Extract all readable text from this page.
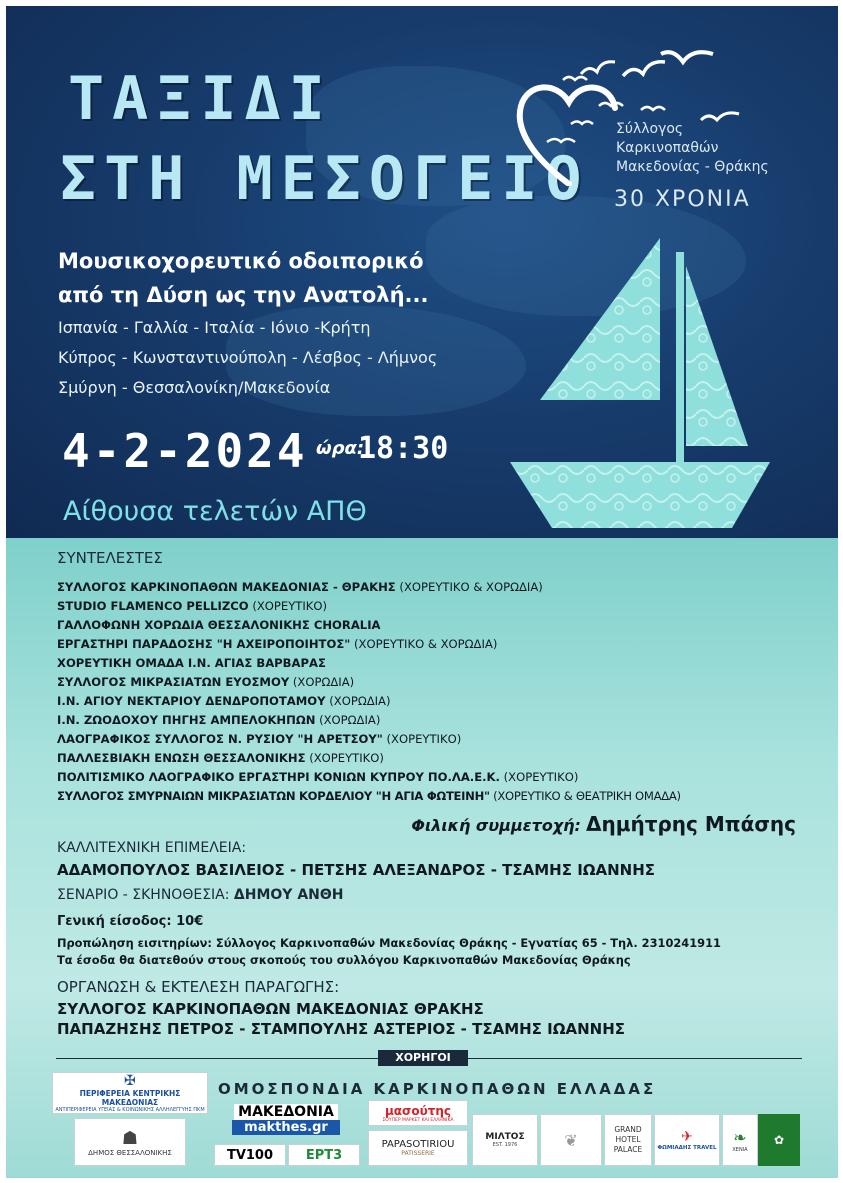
ΤΑΞΙΔΙ
ΣΤΗ ΜΕΣΟΓΕΙΟ
Μουσικοχορευτικό οδοιπορικό
από τη Δύση ως την Ανατολή...
Ισπανία - Γαλλία - Ιταλία - Ιόνιο -Κρήτη
Κύπρος - Κωνσταντινούπολη - Λέσβος - Λήμνος
Σμύρνη - Θεσσαλονίκη/Μακεδονία
4-2-2024 ώρα:
18:30
Αίθουσα τελετών ΑΠΘ
Σύλλογος
Καρκινοπαθών
Μακεδονίας - Θράκης
30 ΧΡΟΝΙΑ
ΣΥΝΤΕΛΕΣΤΕΣ
ΣΥΛΛΟΓΟΣ ΚΑΡΚΙΝΟΠΑΘΩΝ ΜΑΚΕΔΟΝΙΑΣ - ΘΡΑΚΗΣ (ΧΟΡΕΥΤΙΚΟ & ΧΟΡΩΔΙΑ)
STUDIO FLAMENCO PELLIZCO (ΧΟΡΕΥΤΙΚΟ)
ΓΑΛΛΟΦΩΝΗ ΧΟΡΩΔΙΑ ΘΕΣΣΑΛΟΝΙΚΗΣ CHORALIA
ΕΡΓΑΣΤΗΡΙ ΠΑΡΑΔΟΣΗΣ "Η ΑΧΕΙΡΟΠΟΙΗΤΟΣ" (ΧΟΡΕΥΤΙΚΟ & ΧΟΡΩΔΙΑ)
ΧΟΡΕΥΤΙΚΗ ΟΜΑΔΑ Ι.Ν. ΑΓΙΑΣ ΒΑΡΒΑΡΑΣ
ΣΥΛΛΟΓΟΣ ΜΙΚΡΑΣΙΑΤΩΝ ΕΥΟΣΜΟΥ (ΧΟΡΩΔΙΑ)
Ι.Ν. ΑΓΙΟΥ ΝΕΚΤΑΡΙΟΥ ΔΕΝΔΡΟΠΟΤΑΜΟΥ (ΧΟΡΩΔΙΑ)
Ι.Ν. ΖΩΟΔΟΧΟΥ ΠΗΓΗΣ ΑΜΠΕΛΟΚΗΠΩΝ (ΧΟΡΩΔΙΑ)
ΛΑΟΓΡΑΦΙΚΟΣ ΣΥΛΛΟΓΟΣ Ν. ΡΥΣΙΟΥ "Η ΑΡΕΤΣΟΥ" (ΧΟΡΕΥΤΙΚΟ)
ΠΑΛΛΕΣΒΙΑΚΗ ΕΝΩΣΗ ΘΕΣΣΑΛΟΝΙΚΗΣ (ΧΟΡΕΥΤΙΚΟ)
ΠΟΛΙΤΙΣΜΙΚΟ ΛΑΟΓΡΑΦΙΚΟ ΕΡΓΑΣΤΗΡΙ ΚΟΝΙΩΝ ΚΥΠΡΟΥ ΠΟ.ΛΑ.Ε.Κ. (ΧΟΡΕΥΤΙΚΟ)
ΣΥΛΛΟΓΟΣ ΣΜΥΡΝΑΙΩΝ ΜΙΚΡΑΣΙΑΤΩΝ ΚΟΡΔΕΛΙΟΥ "Η ΑΓΙΑ ΦΩΤΕΙΝΗ" (ΧΟΡΕΥΤΙΚΟ & ΘΕΑΤΡΙΚΗ ΟΜΑΔΑ)
Φιλική συμμετοχή: Δημήτρης Μπάσης
ΚΑΛΛΙΤΕΧΝΙΚΗ ΕΠΙΜΕΛΕΙΑ:
ΑΔΑΜΟΠΟΥΛΟΣ ΒΑΣΙΛΕΙΟΣ - ΠΕΤΣΗΣ ΑΛΕΞΑΝΔΡΟΣ - ΤΣΑΜΗΣ ΙΩΑΝΝΗΣ
ΣΕΝΑΡΙΟ - ΣΚΗΝΟΘΕΣΙΑ: ΔΗΜΟΥ ΑΝΘΗ
Γενική είσοδος: 10€
Προπώληση εισιτηρίων: Σύλλογος Καρκινοπαθών Μακεδονίας Θράκης - Εγνατίας 65 - Τηλ. 2310241911
Τα έσοδα θα διατεθούν στους σκοπούς του συλλόγου Καρκινοπαθών Μακεδονίας Θράκης
ΟΡΓΑΝΩΣΗ & ΕΚΤΕΛΕΣΗ ΠΑΡΑΓΩΓΗΣ:
ΣΥΛΛΟΓΟΣ ΚΑΡΚΙΝΟΠΑΘΩΝ ΜΑΚΕΔΟΝΙΑΣ ΘΡΑΚΗΣ
ΠΑΠΑΖΗΣΗΣ ΠΕΤΡΟΣ - ΣΤΑΜΠΟΥΛΗΣ ΑΣΤΕΡΙΟΣ - ΤΣΑΜΗΣ ΙΩΑΝΝΗΣ
ΧΟΡΗΓΟΙ
ΟΜΟΣΠΟΝΔΙΑ ΚΑΡΚΙΝΟΠΑΘΩΝ ΕΛΛΑΔΑΣ
✠
ΠΕΡΙΦΕΡΕΙΑ ΚΕΝΤΡΙΚΗΣ ΜΑΚΕΔΟΝΙΑΣ
ΑΝΤΙΠΕΡΙΦΕΡΕΙΑ ΥΓΕΙΑΣ & ΚΟΙΝΩΝΙΚΗΣ ΑΛΛΗΛΕΓΓΥΗΣ ΠΚΜ
☗
ΔΗΜΟΣ ΘΕΣΣΑΛΟΝΙΚΗΣ
ΜΑΚΕΔΟΝΙΑ
makthes.gr
TV100	ΕΡΤ3
μασούτης
ΣΟΥΠΕΡ ΜΑΡΚΕΤ ΚΑΙ ΕΛΛΗΝΙΚΑ
PAPASOTIRIOU
PATISSERIE
ΜΙΛΤΟΣ
EST. 1976	❦
GRAND HOTEL PALACE
✈
ΦΩΜΙΑΔΗΣ TRAVEL
❧
XENIA
✿
